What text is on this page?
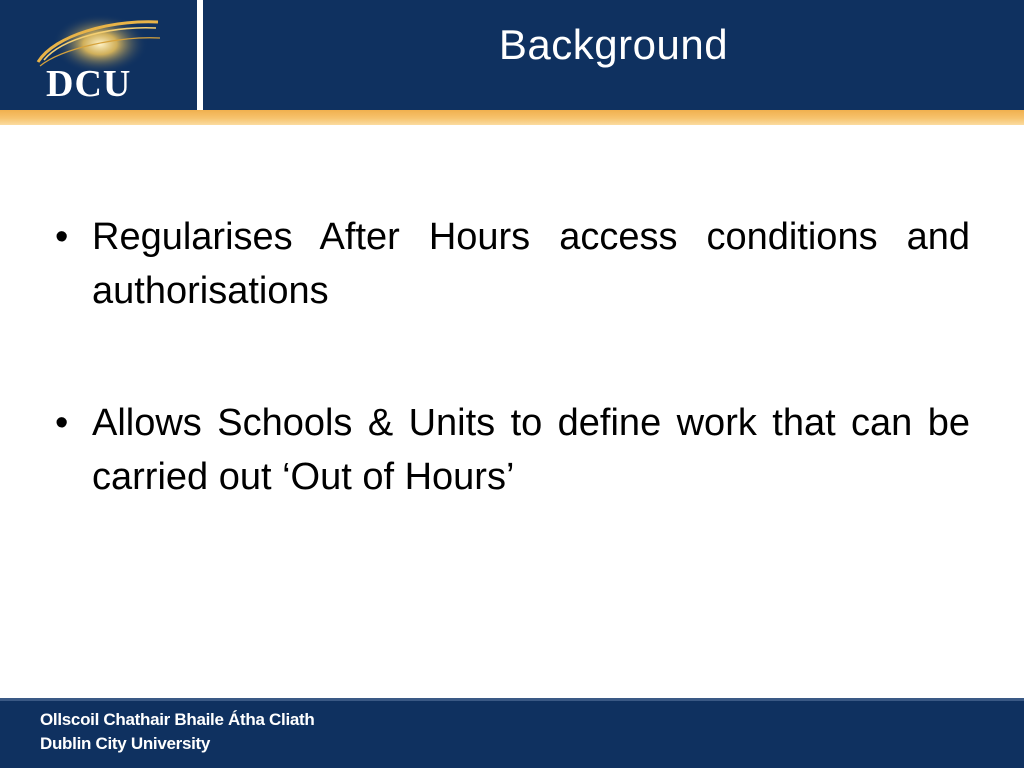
DCU
Background
• Regularises After Hours access conditions and authorisations
• Allows Schools & Units to define work that can be carried out ‘Out of Hours’
Ollscoil Chathair Bhaile Átha Cliath
Dublin City University
